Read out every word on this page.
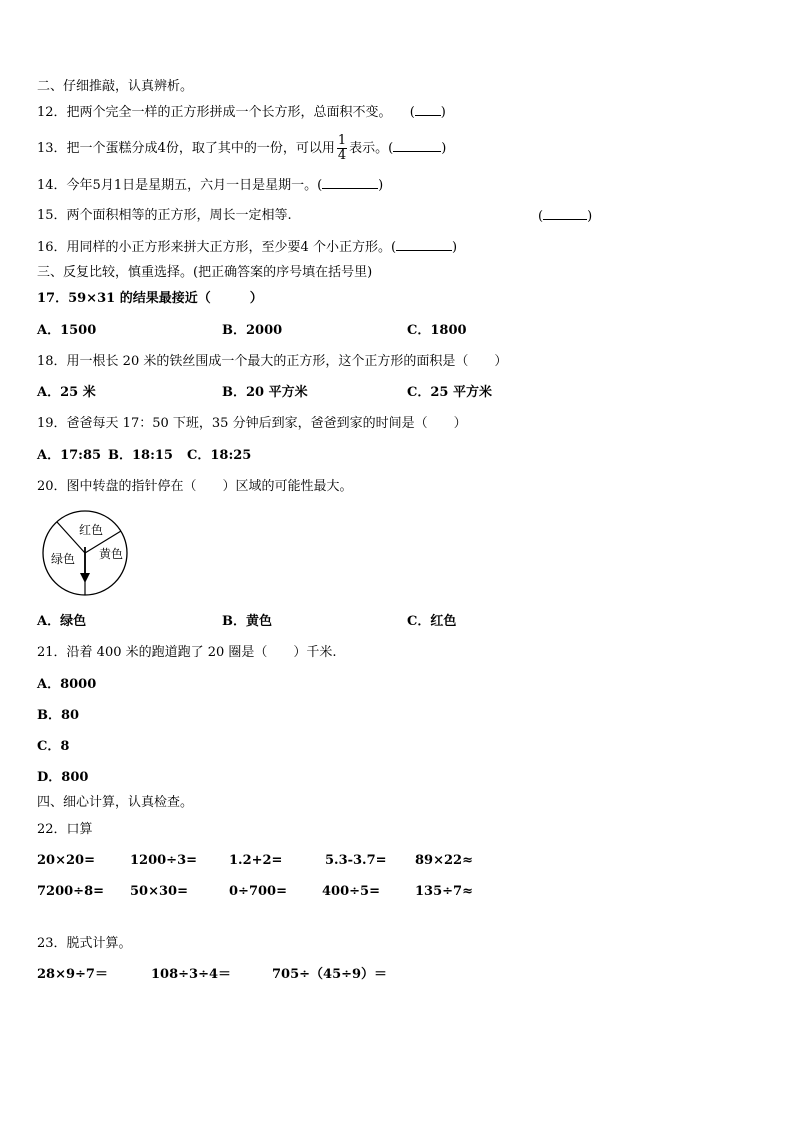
二、仔细推敲，认真辨析。
12．把两个完全一样的正方形拼成一个长方形，总面积不变。 ( )
13．把一个蛋糕分成4份，取了其中的一份，可以用 $\frac{1}{4}$ 表示。(	)
14．今年5月1日是星期五，六月一日是星期一。(	)
15．两个面积相等的正方形，周长一定相等.	(	)
16．用同样的小正方形来拼大正方形，至少要4 个小正方形。(	)
三、反复比较，慎重选择。(把正确答案的序号填在括号里)
17．59×31 的结果最接近（　　　）
A．1500	B．2000	C．1800
18．用一根长 20 米的铁丝围成一个最大的正方形，这个正方形的面积是（　　）
A．25 米	B．20 平方米	C．25 平方米
19．爸爸每天 17：50 下班，35 分钟后到家，爸爸到家的时间是（　　）
A．17:85 B．18:15 C．18:25
20．图中转盘的指针停在（　　）区域的可能性最大。
红色
绿色 黄色
A．绿色	B．黄色	C．红色
21．沿着 400 米的跑道跑了 20 圈是（　　）千米.
A．8000
B．80
C．8
D．800
四、细心计算，认真检查。
22．口算
20×20=	1200÷3= 1.2+2=	5.3-3.7= 89×22≈
7200÷8= 50×30=	0÷700=	400÷5=	135÷7≈
23．脱式计算。
28×9÷7＝	108÷3÷4＝	705÷（45÷9）＝
